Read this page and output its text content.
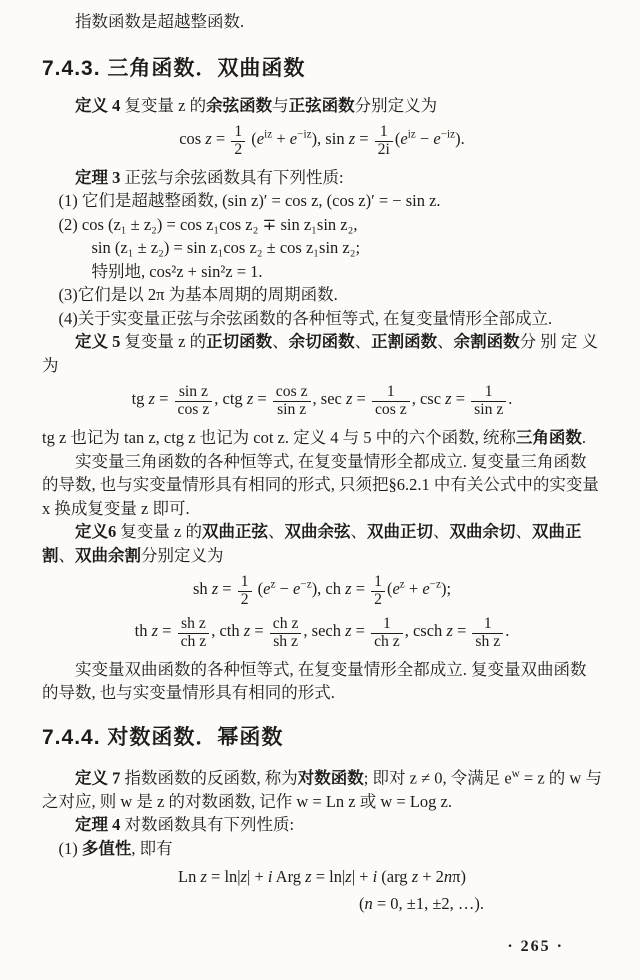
指数函数是超越整函数.

7.4.3. 三角函数．双曲函数

定义 4 复变量 z 的余弦函数与正弦函数分别定义为

$\cos z = \frac{1}{2} (e^{iz} + e^{-iz})$, $\sin z = \frac{1}{2i} (e^{iz} - e^{-iz})$.

定理 3 正弦与余弦函数具有下列性质:

(1) 它们是超越整函数, (sin z)′ = cos z, (cos z)′ = − sin z.

(2) cos (z₁ ± z₂) = cos z₁cos z₂ ∓ sin z₁sin z₂,

sin (z₁ ± z₂) = sin z₁cos z₂ ± cos z₁sin z₂;

特别地, cos²z + sin²z = 1.

(3)它们是以 2π 为基本周期的周期函数.

(4)关于实变量正弦与余弦函数的各种恒等式, 在复变量情形全部成立.

定义 5 复变量 z 的正切函数、余切函数、正割函数、余割函数分 别 定 义 为

tg $z = \frac{\text{sin z}}{\text{cos z}}$ , ctg $z = \frac{\text{cos z}}{\text{sin z}}$ , $\sec z = \frac{1}{\text{cos z}}$ , $\csc z = \frac{1}{\text{sin z}}$ .

tg z 也记为 tan z, ctg z 也记为 cot z. 定义 4 与 5 中的六个函数, 统称三角函数.

实变量三角函数的各种恒等式, 在复变量情形全都成立. 复变量三角函数的导数, 也与实变量情形具有相同的形式, 只须把§6.2.1 中有关公式中的实变量 x 换成复变量 z 即可.

定义6 复变量 z 的双曲正弦、双曲余弦、双曲正切、双曲余切、双曲正割、双曲余割分别定义为

sh $z = \frac{1}{2} (e^z - e^{-z})$, ch $z = \frac{1}{2} (e^z + e^{-z})$;
th $z = \frac{\text{sh z}}{\text{ch z}}$ , cth $z = \frac{\text{ch z}}{\text{sh z}}$ , sech $z = \frac{1}{\text{ch z}}$ , csch $z = \frac{1}{\text{sh z}}$ .

实变量双曲函数的各种恒等式, 在复变量情形全都成立. 复变量双曲函数的导数, 也与实变量情形具有相同的形式.

7.4.4. 对数函数．幂函数

定义 7 指数函数的反函数, 称为对数函数; 即对 z ≠ 0, 令满足 $e^w = z$ 的 w 与之对应, 则 w 是 z 的对数函数, 记作 w = Ln z 或 w = Log z.

定理 4 对数函数具有下列性质:

(1) 多值性, 即有

Ln z = ln|z| + i Arg z = ln|z| + i (arg z + 2nπ)
(n = 0, ±1, ±2, …).
· 265 ·
